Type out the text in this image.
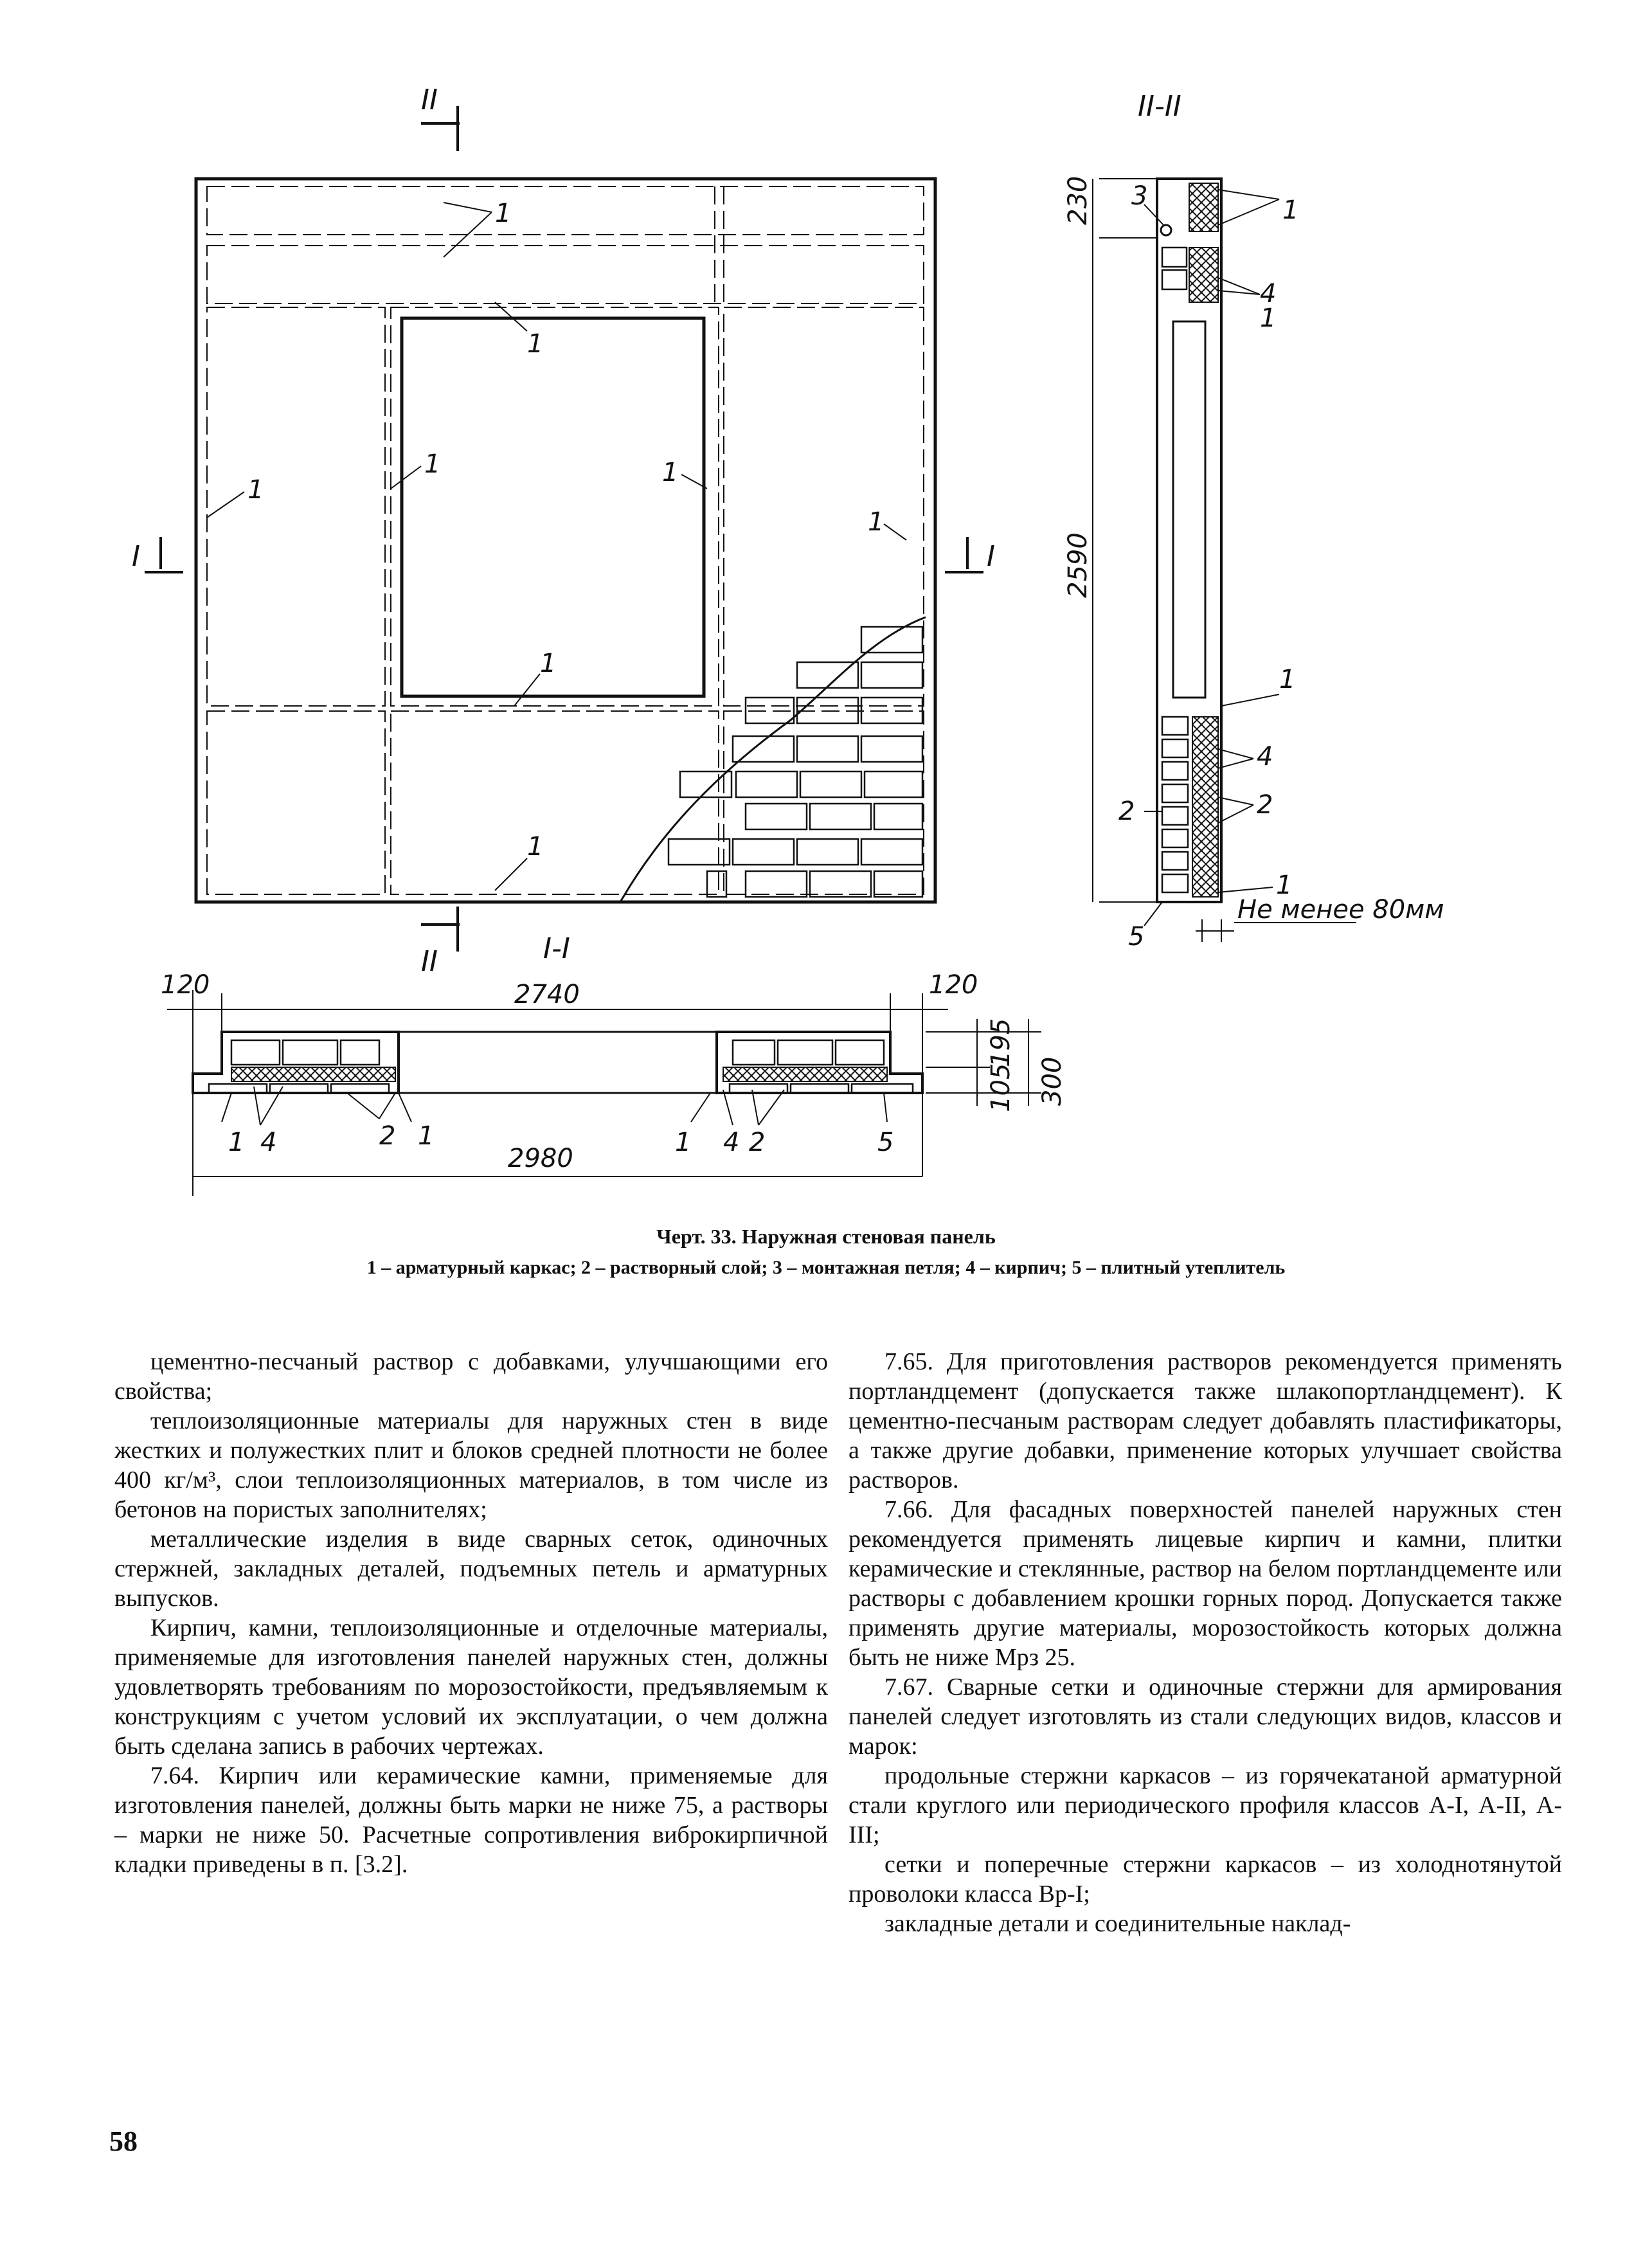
II
II
I	I
1
1
1
1	1
1
1
1
II-II
3	1
4
1
1
4
2
2
1
5
Не менее 80мм
230
2590
I-I
120	2740	120
2980
300
195
105
1 4	2 1	1 4 2	5
Черт. 33. Наружная стеновая панель
1 – арматурный каркас; 2 – растворный слой; 3 – монтажная петля; 4 – кирпич; 5 – плитный утеплитель

цементно-песчаный раствор с добавками, улучшающими его свойства;

теплоизоляционные материалы для наружных стен в виде жестких и полужестких плит и блоков средней плотности не более 400 кг/м³, слои теплоизоляционных материалов, в том числе из бетонов на пористых заполнителях;

металлические изделия в виде сварных сеток, одиночных стержней, закладных деталей, подъемных петель и арматурных выпусков.

Кирпич, камни, теплоизоляционные и отделочные материалы, применяемые для изготовления панелей наружных стен, должны удовлетворять требованиям по морозостойкости, предъявляемым к конструкциям с учетом условий их эксплуатации, о чем должна быть сделана запись в рабочих чертежах.

7.64. Кирпич или керамические камни, применяемые для изготовления панелей, должны быть марки не ниже 75, а растворы – марки не ниже 50. Расчетные сопротивления виброкирпичной кладки приведены в п. [3.2].

7.65. Для приготовления растворов рекомендуется применять портландцемент (допускается также шлакопортландцемент). К цементно-песчаным растворам следует добавлять пластификаторы, а также другие добавки, применение которых улучшает свойства растворов.

7.66. Для фасадных поверхностей панелей наружных стен рекомендуется применять лицевые кирпич и камни, плитки керамические и стеклянные, раствор на белом портландцементе или растворы с добавлением крошки горных пород. Допускается также применять другие материалы, морозостойкость которых должна быть не ниже Мрз 25.

7.67. Сварные сетки и одиночные стержни для армирования панелей следует изготовлять из стали следующих видов, классов и марок:

продольные стержни каркасов – из горячекатаной арматурной стали круглого или периодического профиля классов А-I, А-II, А-III;

сетки и поперечные стержни каркасов – из холоднотянутой проволоки класса Вр-I;

закладные детали и соединительные наклад-

58
